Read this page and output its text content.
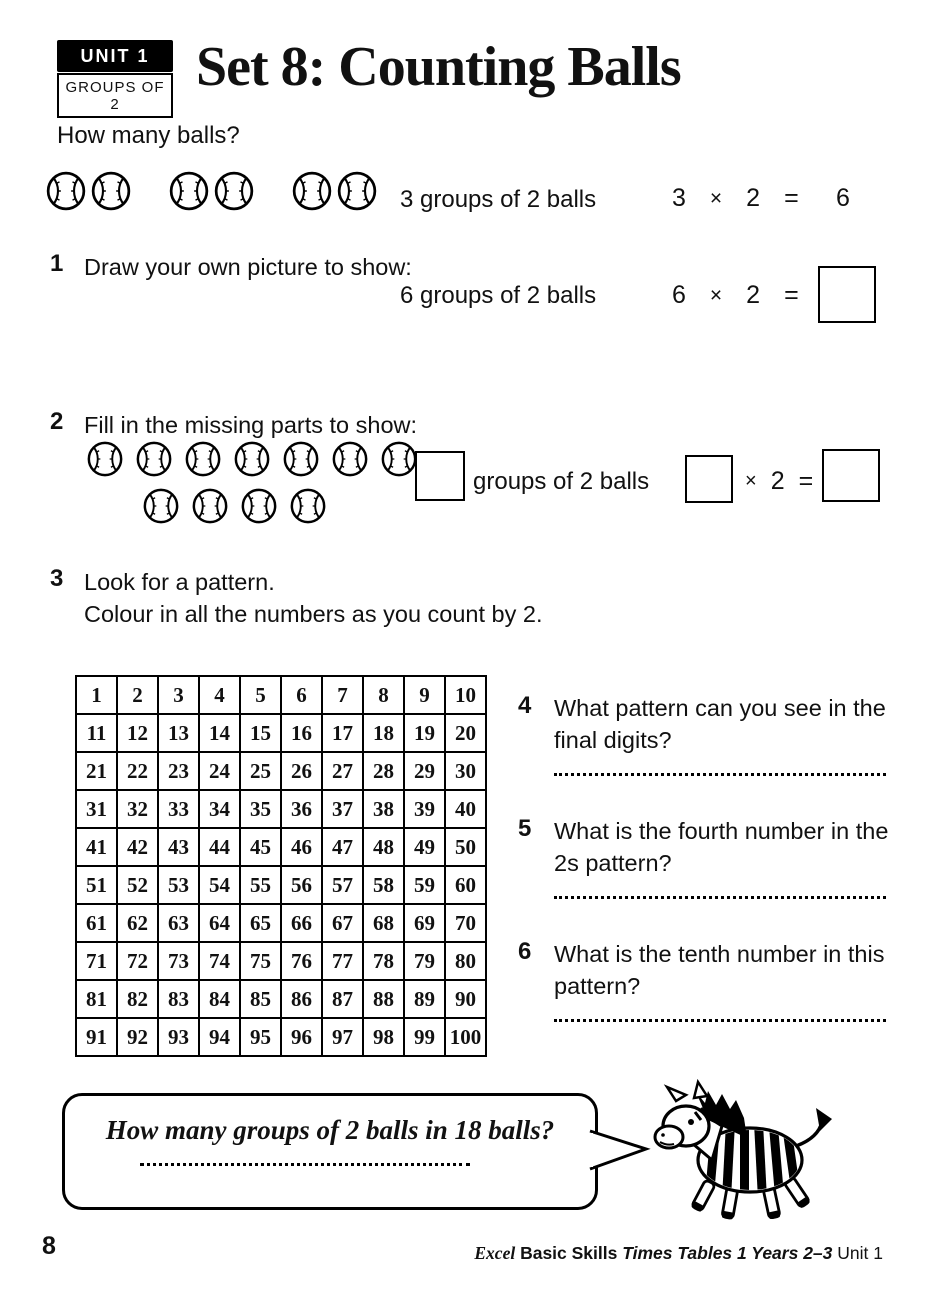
UNIT 1
GROUPS OF 2
Set 8: Counting Balls
How many balls?
3 groups of 2 balls	3 × 2 = 6
1 Draw your own picture to show:
6 groups of 2 balls	6 × 2 =
2 Fill in the missing parts to show:
groups of 2 balls	× 2 =
3 Look for a pattern.
Colour in all the numbers as you count by 2.
1	2	3	4	5	6	7	8	9	10
11	12	13	14	15	16	17	18	19	20
21	22	23	24	25	26	27	28	29	30
31	32	33	34	35	36	37	38	39	40
41	42	43	44	45	46	47	48	49	50
51	52	53	54	55	56	57	58	59	60
61	62	63	64	65	66	67	68	69	70
71	72	73	74	75	76	77	78	79	80
81	82	83	84	85	86	87	88	89	90
91	92	93	94	95	96	97	98	99	100
4 What pattern can you see in the final digits?
5 What is the fourth number in the 2s pattern?
6 What is the tenth number in this pattern?
How many groups of 2 balls in 18 balls?
8	Excel Basic Skills Times Tables 1 Years 2–3 Unit 1
